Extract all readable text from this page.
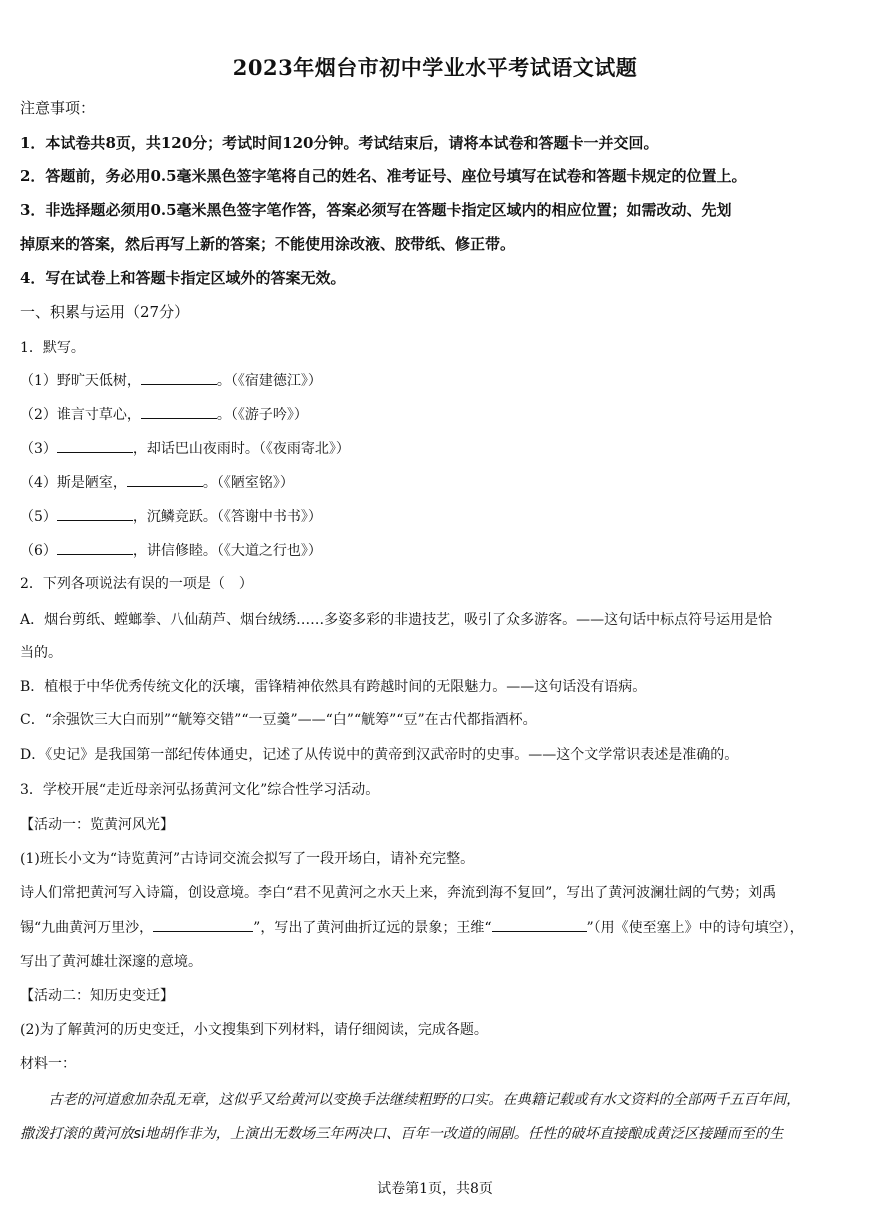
2023年烟台市初中学业水平考试语文试题
注意事项：
1．本试卷共8页，共120分；考试时间120分钟。考试结束后，请将本试卷和答题卡一并交回。
2．答题前，务必用0.5毫米黑色签字笔将自己的姓名、准考证号、座位号填写在试卷和答题卡规定的位置上。
3．非选择题必须用0.5毫米黑色签字笔作答，答案必须写在答题卡指定区域内的相应位置；如需改动、先划
掉原来的答案，然后再写上新的答案；不能使用涂改液、胶带纸、修正带。
4．写在试卷上和答题卡指定区域外的答案无效。
一、积累与运用（27分）
1．默写。
（1）野旷天低树，	。（《宿建德江》）
（2）谁言寸草心，	。（《游子吟》）
（3）	，却话巴山夜雨时。（《夜雨寄北》）
（4）斯是陋室，	。（《陋室铭》）
（5）	，沉鳞竞跃。（《答谢中书书》）
（6）	，讲信修睦。（《大道之行也》）
2．下列各项说法有误的一项是（　）
A．烟台剪纸、螳螂拳、八仙葫芦、烟台绒绣……多姿多彩的非遗技艺，吸引了众多游客。——这句话中标点符号运用是恰
当的。
B．植根于中华优秀传统文化的沃壤，雷锋精神依然具有跨越时间的无限魅力。——这句话没有语病。
C．“余强饮三大白而别”“觥筹交错”“一豆羹”——“白”“觥筹”“豆”在古代都指酒杯。
D．《史记》是我国第一部纪传体通史，记述了从传说中的黄帝到汉武帝时的史事。——这个文学常识表述是准确的。
3．学校开展“走近母亲河弘扬黄河文化”综合性学习活动。
【活动一：览黄河风光】
(1)班长小文为“诗览黄河”古诗词交流会拟写了一段开场白，请补充完整。
诗人们常把黄河写入诗篇，创设意境。李白“君不见黄河之水天上来，奔流到海不复回”，写出了黄河波澜壮阔的气势；刘禹
锡“九曲黄河万里沙，	”，写出了黄河曲折辽远的景象；王维“	”（用《使至塞上》中的诗句填空），
写出了黄河雄壮深邃的意境。
【活动二：知历史变迁】
(2)为了解黄河的历史变迁，小文搜集到下列材料，请仔细阅读，完成各题。
材料一：
　　古老的河道愈加杂乱无章，这似乎又给黄河以变换手法继续粗野的口实。在典籍记载或有水文资料的全部两千五百年间，
撒泼打滚的黄河放si地胡作非为，上演出无数场三年两决口、百年一改道的闹剧。任性的破坏直接酿成黄泛区接踵而至的生
试卷第1页，共8页
